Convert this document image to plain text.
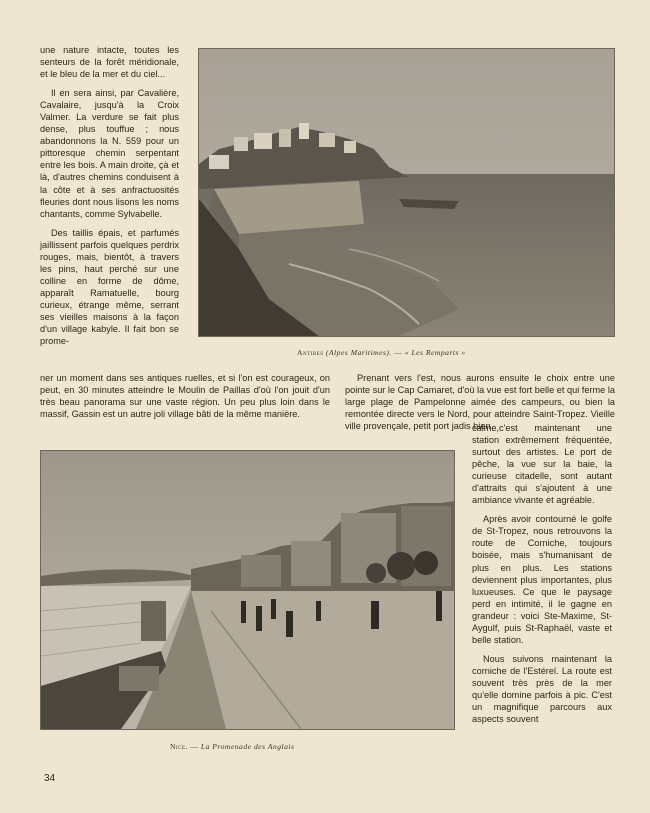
une nature intacte, toutes les senteurs de la forêt méridionale, et le bleu de la mer et du ciel...

Il en sera ainsi, par Cavalière, Cavalaire, jusqu'à la Croix Valmer. La verdure se fait plus dense, plus touffue ; nous abandonnons la N. 559 pour un pittoresque chemin serpentant entre les bois. A main droite, çà et là, d'autres chemins conduisent à la côte et à ses anfractuosités fleuries dont nous lisons les noms chantants, comme Sylvabelle.

Des taillis épais, et parfumés jaillissent parfois quelques perdrix rouges, mais, bientôt, à travers les pins, haut perché sur une colline en forme de dôme, apparaît Ramatuelle, bourg curieux, étrange même, serrant ses vieilles maisons à la façon d'un village kabyle. Il fait bon se prome-

Antibes (Alpes Maritimes). — « Les Remparts »
ner un moment dans ses antiques ruelles, et si l'on est courageux, on peut, en 30 minutes atteindre le Moulin de Paillas d'où l'on jouit d'un très beau panorama sur une vaste région. Un peu plus loin dans le massif, Gassin est un autre joli village bâti de la même manière.
Prenant vers l'est, nous aurons ensuite le choix entre une pointe sur le Cap Camaret, d'où la vue est fort belle et qui ferme la large plage de Pampelonne aimée des campeurs, ou bien la remontée directe vers le Nord, pour atteindre Saint-Tropez. Vieille ville provençale, petit port jadis bien
Nice. — La Promenade des Anglais

calme,c'est maintenant une station extrêmement fréquentée, surtout des artistes. Le port de pêche, la vue sur la baie, la curieuse citadelle, sont autant d'attraits qui s'ajoutent à une ambiance vivante et agréable.

Après avoir contourné le golfe de St-Tropez, nous retrouvons la route de Corniche, toujours boisée, mais s'humanisant de plus en plus. Les stations deviennent plus importantes, plus luxueuses. Ce que le paysage perd en intimité, il le gagne en grandeur : voici Ste-Maxime, St-Aygulf, puis St-Raphaël, vaste et belle station.

Nous suivons maintenant la corniche de l'Estérel. La route est souvent très près de la mer qu'elle domine parfois à pic. C'est un magnifique parcours aux aspects souvent

34
